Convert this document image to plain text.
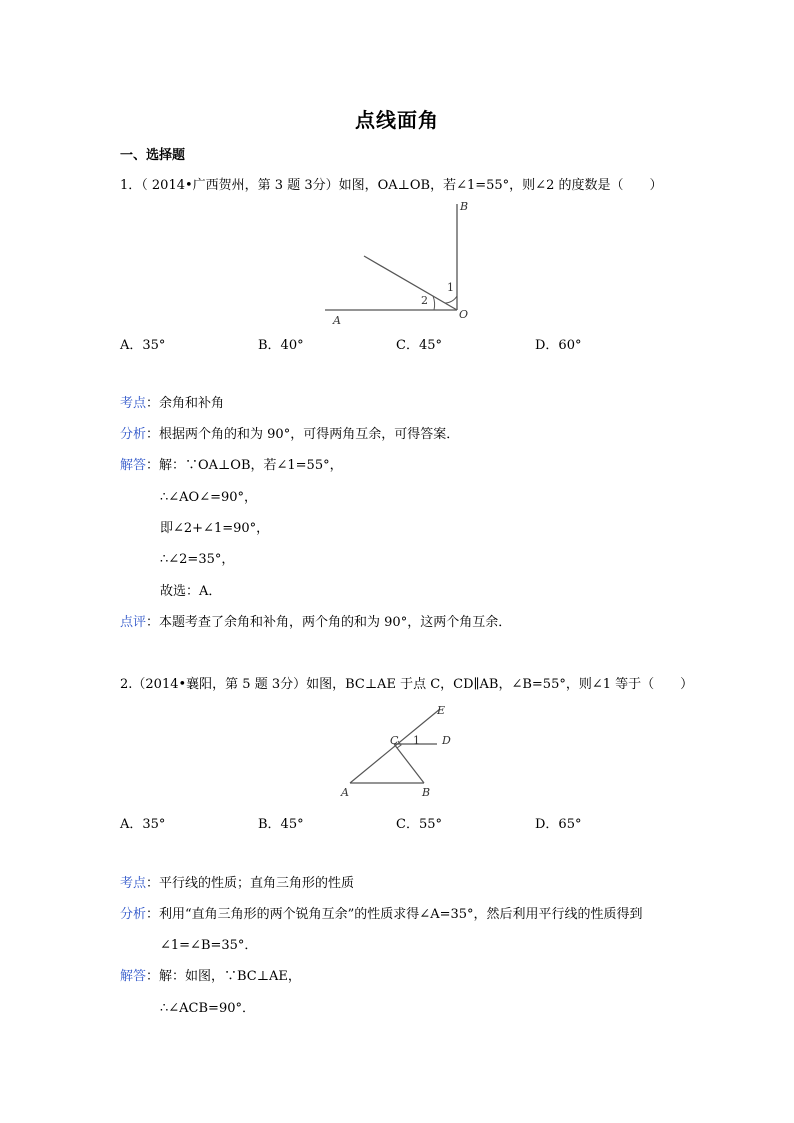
点线面角
一、选择题
1．（ 2014•广西贺州，第 3 题 3分）如图，OA⊥OB，若∠1=55°，则∠2 的度数是（　　）
B
1
2
A	O
A．35°	B．40°	C．45°	D．60°
考点：余角和补角
分析：根据两个角的和为 90°，可得两角互余，可得答案．
解答：解：∵OA⊥OB，若∠1=55°，
∴∠AO∠=90°，
即∠2+∠1=90°，
∴∠2=35°，
故选：A．
点评：本题考查了余角和补角，两个角的和为 90°，这两个角互余．
2.（2014•襄阳，第 5 题 3分）如图，BC⊥AE 于点 C，CD∥AB，∠B=55°，则∠1 等于（　　）
E
C 1 D
A	B
A．35°	B．45°	C．55°	D．65°
考点：平行线的性质；直角三角形的性质
分析：利用“直角三角形的两个锐角互余”的性质求得∠A=35°，然后利用平行线的性质得到
∠1=∠B=35°．
解答：解：如图，∵BC⊥AE，
∴∠ACB=90°．
